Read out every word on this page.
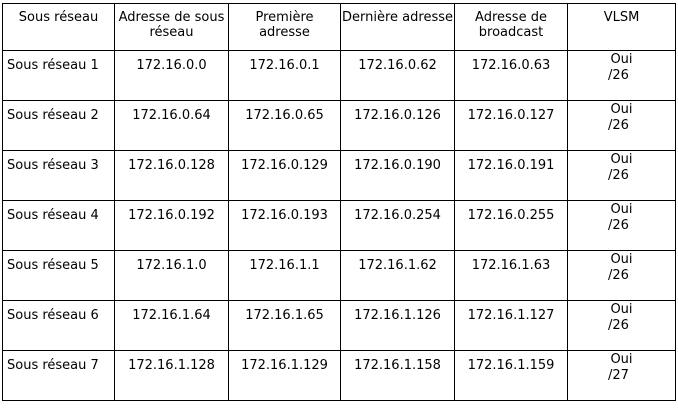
Sous réseau	Adresse de sous réseau	Première adresse	Dernière adresse	Adresse de broadcast	VLSM
Sous réseau 1	172.16.0.0	172.16.0.1	172.16.0.62	172.16.0.63	Oui
/26

Sous réseau 2	172.16.0.64	172.16.0.65	172.16.0.126	172.16.0.127	Oui
/26

Sous réseau 3	172.16.0.128	172.16.0.129	172.16.0.190	172.16.0.191	Oui
/26

Sous réseau 4	172.16.0.192	172.16.0.193	172.16.0.254	172.16.0.255	Oui
/26

Sous réseau 5	172.16.1.0	172.16.1.1	172.16.1.62	172.16.1.63	Oui
/26

Sous réseau 6	172.16.1.64	172.16.1.65	172.16.1.126	172.16.1.127	Oui
/26

Sous réseau 7	172.16.1.128	172.16.1.129	172.16.1.158	172.16.1.159	Oui
/27
